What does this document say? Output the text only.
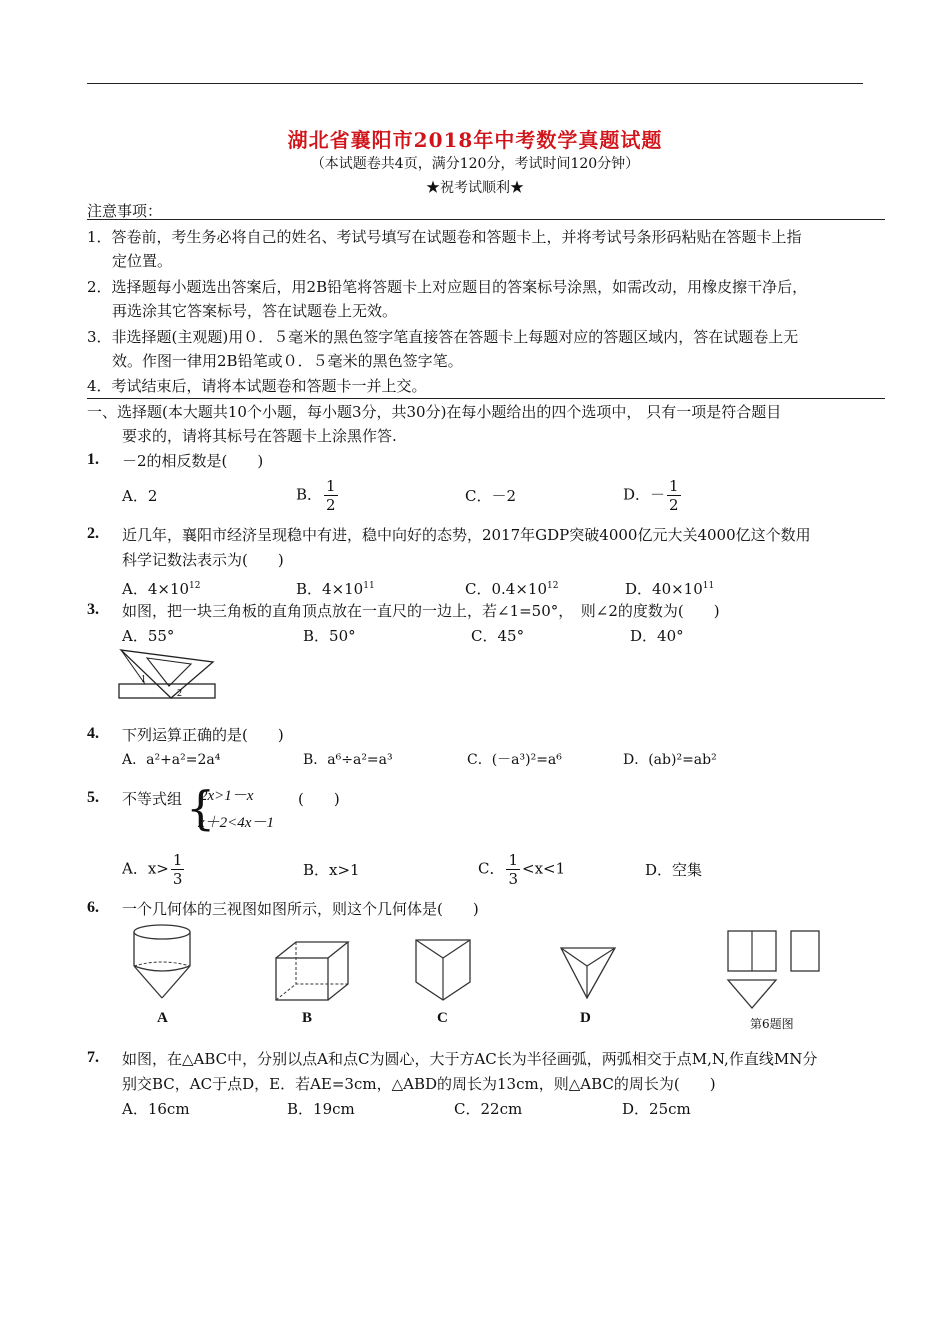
湖北省襄阳市2018年中考数学真题试题
（本试题卷共4页，满分120分，考试时间120分钟）
★祝考试顺利★
注意事项：
1．答卷前，考生务必将自己的姓名、考试号填写在试题卷和答题卡上，并将考试号条形码粘贴在答题卡上指
定位置。
2．选择题每小题选出答案后，用2B铅笔将答题卡上对应题目的答案标号涂黑，如需改动，用橡皮擦干净后，
再选涂其它答案标号，答在试题卷上无效。
3．非选择题(主观题)用０．５毫米的黑色签字笔直接答在答题卡上每题对应的答题区域内，答在试题卷上无
效。作图一律用2B铅笔或０．５毫米的黑色签字笔。
4．考试结束后，请将本试题卷和答题卡一并上交。
一、选择题(本大题共10个小题，每小题3分，共30分)在每小题给出的四个选项中， 只有一项是符合题目
要求的，请将其标号在答题卡上涂黑作答.
1. －2的相反数是(　　)
A．2	B． $\frac{1}{2}$	C．－2	D．－ $\frac{1}{2}$
2. 近几年，襄阳市经济呈现稳中有进，稳中向好的态势，2017年GDP突破4000亿元大关4000亿这个数用
科学记数法表示为(　　)
A．$4\times 10^{12}$	B．$4\times 10^{11}$	C．$0.4\times 10^{12}$	D．$40\times 10^{11}$
3. 如图，把一块三角板的直角顶点放在一直尺的一边上，若∠1=50°，　则∠2的度数为(　　)
A．55°	B．50°	C．45°	D．40°
1
2
4. 下列运算正确的是(　　)
A．a²+a²=2a⁴	B．a⁶÷a²=a³	C．(－a³)²=a⁶	D．(ab)²=ab²
5. 不等式组 {
2x>1－x
x＋2<4x－1
(　　)
A．$x> \frac{1}{3}$	B．x>1	C． $\frac{1}{3} <x<1$	D．空集
6. 一个几何体的三视图如图所示，则这个几何体是(　　)
A	B	C	D	第6题图
7. 如图，在△ABC中，分别以点A和点C为圆心，大于方AC长为半径画弧，两弧相交于点M,N,作直线MN分
别交BC，AC于点D，E．若AE=3cm，△ABD的周长为13cm，则△ABC的周长为(　　)
A．16cm	B．19cm	C．22cm	D．25cm
